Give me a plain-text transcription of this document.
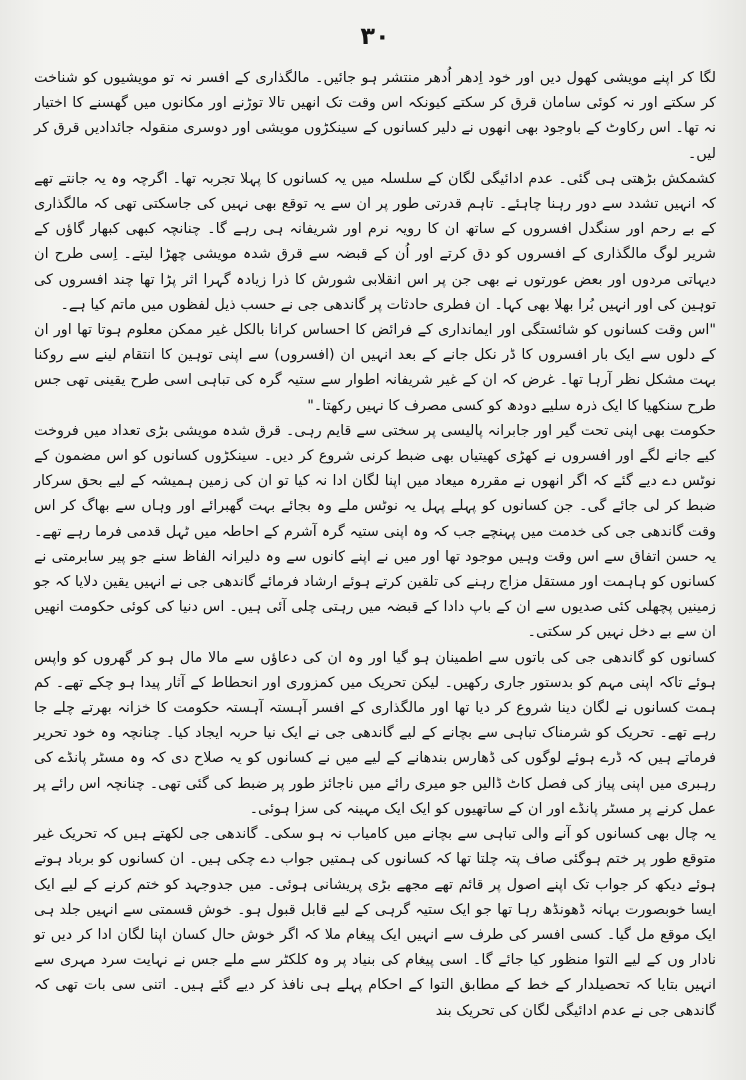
۳۰

لگا کر اپنے مویشی کھول دیں اور خود اِدھر اُدھر منتشر ہو جائیں۔ مالگذاری کے افسر نہ تو مویشیوں کو شناخت کر سکتے اور نہ کوئی سامان قرق کر سکتے کیونکہ اس وقت تک انھیں تالا توڑنے اور مکانوں میں گھسنے کا اختیار نہ تھا۔ اس رکاوٹ کے باوجود بھی انھوں نے دلیر کسانوں کے سینکڑوں مویشی اور دوسری منقولہ جائدادیں قرق کر لیں۔

کشمکش بڑھتی ہی گئی۔ عدم ادائیگی لگان کے سلسلہ میں یہ کسانوں کا پہلا تجربہ تھا۔ اگرچہ وہ یہ جانتے تھے کہ انہیں تشدد سے دور رہنا چاہئے۔ تاہم قدرتی طور پر ان سے یہ توقع بھی نہیں کی جاسکتی تھی کہ مالگذاری کے بے رحم اور سنگدل افسروں کے ساتھ ان کا رویہ نرم اور شریفانہ ہی رہے گا۔ چنانچہ کبھی کبھار گاؤں کے شریر لوگ مالگذاری کے افسروں کو دق کرتے اور اُن کے قبضہ سے قرق شدہ مویشی چھڑا لیتے۔ اِسی طرح ان دیہاتی مردوں اور بعض عورتوں نے بھی جن پر اس انقلابی شورش کا ذرا زیادہ گہرا اثر پڑا تھا چند افسروں کی توہین کی اور انہیں بُرا بھلا بھی کہا۔ ان فطری حادثات پر گاندھی جی نے حسب ذیل لفظوں میں ماتم کیا ہے۔

"اس وقت کسانوں کو شائستگی اور ایمانداری کے فرائض کا احساس کرانا بالکل غیر ممکن معلوم ہوتا تھا اور ان کے دلوں سے ایک بار افسروں کا ڈر نکل جانے کے بعد انہیں ان (افسروں) سے اپنی توہین کا انتقام لینے سے روکنا بہت مشکل نظر آرہا تھا۔ غرض کہ ان کے غیر شریفانہ اطوار سے ستیہ گرہ کی تباہی اسی طرح یقینی تھی جس طرح سنکھیا کا ایک ذرہ سلیے دودھ کو کسی مصرف کا نہیں رکھتا۔"

حکومت بھی اپنی تحت گیر اور جابرانہ پالیسی پر سختی سے قایم رہی۔ قرق شدہ مویشی بڑی تعداد میں فروخت کیے جانے لگے اور افسروں نے کھڑی کھیتیاں بھی ضبط کرنی شروع کر دیں۔ سینکڑوں کسانوں کو اس مضمون کے نوٹس دے دیے گئے کہ اگر انھوں نے مقررہ میعاد میں اپنا لگان ادا نہ کیا تو ان کی زمین ہمیشہ کے لیے بحق سرکار ضبط کر لی جائے گی۔ جن کسانوں کو پہلے پہل یہ نوٹس ملے وہ بجائے بہت گھبرائے اور وہاں سے بھاگ کر اس وقت گاندھی جی کی خدمت میں پہنچے جب کہ وہ اپنی ستیہ گرہ آشرم کے احاطہ میں ٹہل قدمی فرما رہے تھے۔ یہ حسن اتفاق سے اس وقت وہیں موجود تھا اور میں نے اپنے کانوں سے وہ دلیرانہ الفاظ سنے جو پیر سابرمتی نے کسانوں کو ہاہمت اور مستقل مزاج رہنے کی تلقین کرتے ہوئے ارشاد فرمائے گاندھی جی نے انہیں یقین دلایا کہ جو زمینیں پچھلی کئی صدیوں سے ان کے باپ دادا کے قبضہ میں رہتی چلی آئی ہیں۔ اس دنیا کی کوئی حکومت انھیں ان سے بے دخل نہیں کر سکتی۔

کسانوں کو گاندھی جی کی باتوں سے اطمینان ہو گیا اور وہ ان کی دعاؤں سے مالا مال ہو کر گھروں کو واپس ہوئے تاکہ اپنی مہم کو بدستور جاری رکھیں۔ لیکن تحریک میں کمزوری اور انحطاط کے آثار پیدا ہو چکے تھے۔ کم ہمت کسانوں نے لگان دینا شروع کر دیا تھا اور مالگذاری کے افسر آہستہ آہستہ حکومت کا خزانہ بھرتے چلے جا رہے تھے۔ تحریک کو شرمناک تباہی سے بچانے کے لیے گاندھی جی نے ایک نیا حربہ ایجاد کیا۔ چنانچہ وہ خود تحریر فرماتے ہیں کہ ڈرے ہوئے لوگوں کی ڈھارس بندھانے کے لیے میں نے کسانوں کو یہ صلاح دی کہ وہ مسٹر پانڈے کی رہبری میں اپنی پیاز کی فصل کاٹ ڈالیں جو میری رائے میں ناجائز طور پر ضبط کی گئی تھی۔ چنانچہ اس رائے پر عمل کرنے پر مسٹر پانڈے اور ان کے ساتھیوں کو ایک ایک مہینہ کی سزا ہوئی۔

یہ چال بھی کسانوں کو آنے والی تباہی سے بچانے میں کامیاب نہ ہو سکی۔ گاندھی جی لکھتے ہیں کہ تحریک غیر متوقع طور پر ختم ہوگئی صاف پتہ چلتا تھا کہ کسانوں کی ہمتیں جواب دے چکی ہیں۔ ان کسانوں کو برباد ہوتے ہوئے دیکھ کر جواب تک اپنے اصول پر قائم تھے مجھے بڑی پریشانی ہوئی۔ میں جدوجہد کو ختم کرنے کے لیے ایک ایسا خوبصورت بہانہ ڈھونڈھ رہا تھا جو ایک ستیہ گرہی کے لیے قابل قبول ہو۔ خوش قسمتی سے انہیں جلد ہی ایک موقع مل گیا۔ کسی افسر کی طرف سے انہیں ایک پیغام ملا کہ اگر خوش حال کسان اپنا لگان ادا کر دیں تو نادار وں کے لیے التوا منظور کیا جائے گا۔ اسی پیغام کی بنیاد پر وہ کلکٹر سے ملے جس نے نہایت سرد مہری سے انہیں بتایا کہ تحصیلدار کے خط کے مطابق التوا کے احکام پہلے ہی نافذ کر دیے گئے ہیں۔ اتنی سی بات تھی کہ گاندھی جی نے عدم ادائیگی لگان کی تحریک بند
